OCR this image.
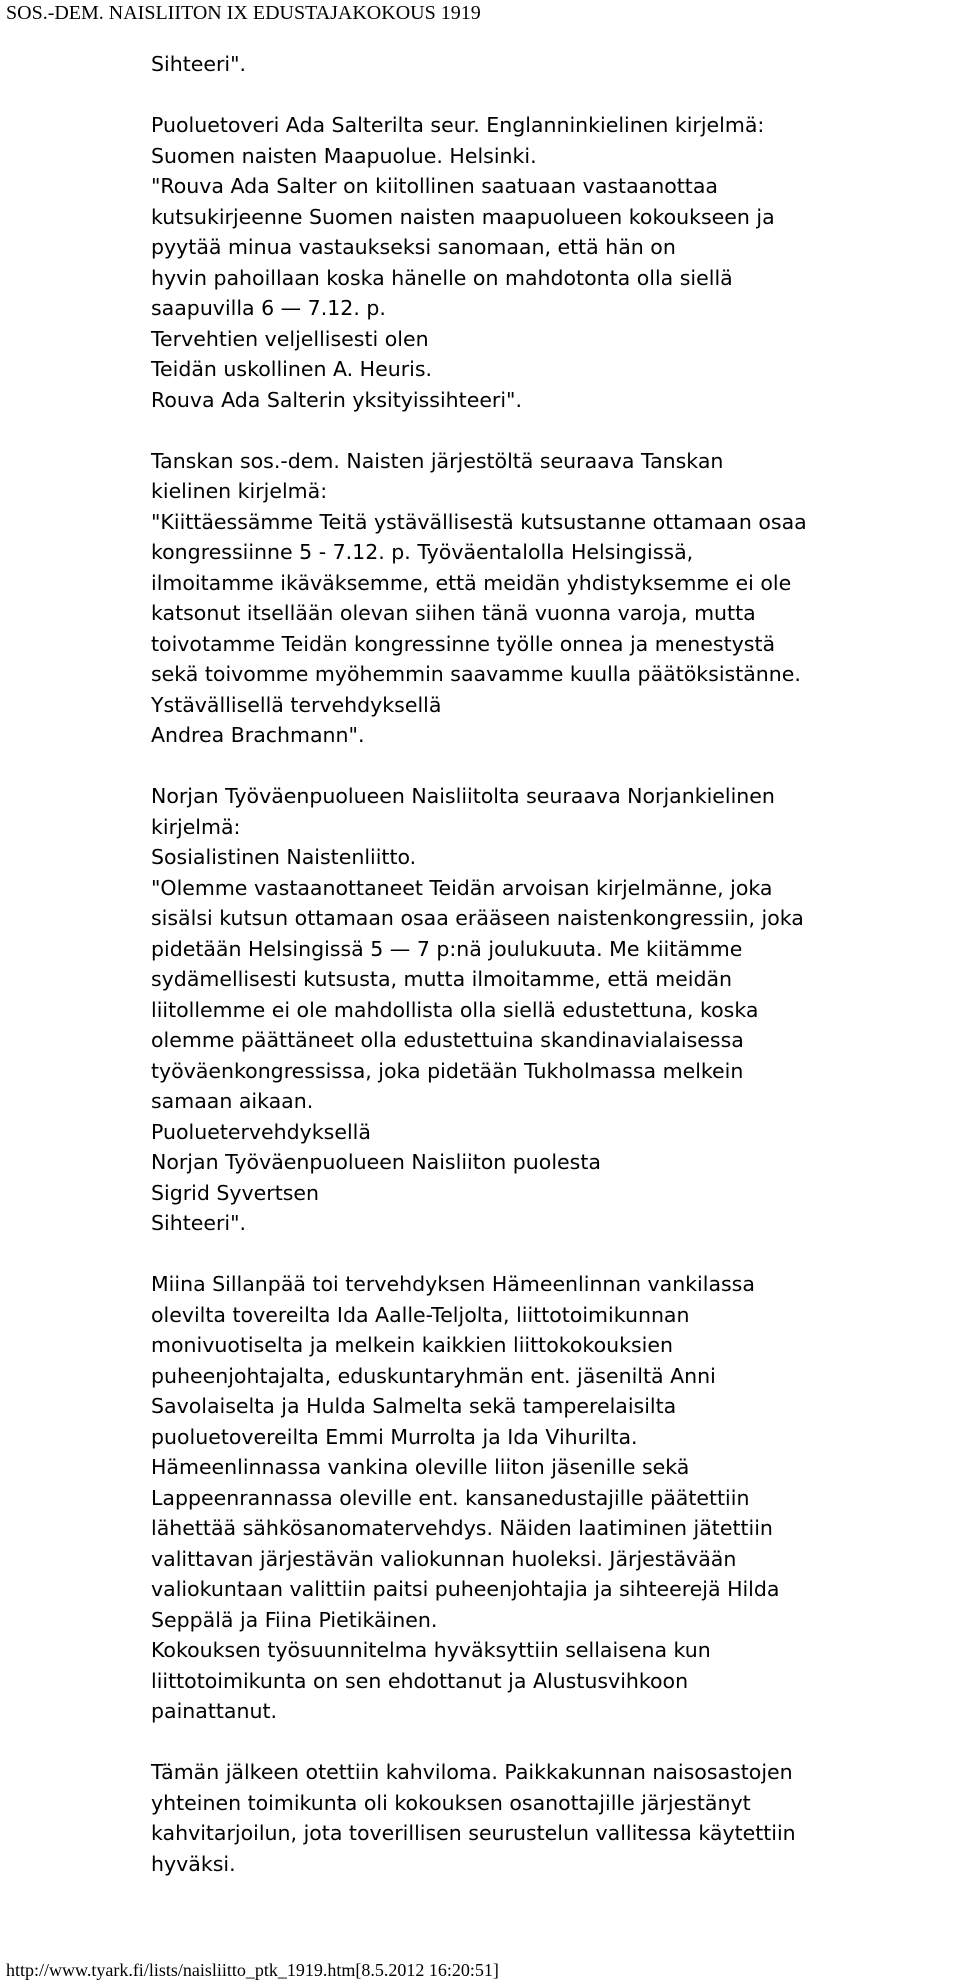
SOS.-DEM. NAISLIITON IX EDUSTAJAKOKOUS 1919
Sihteeri".
Puoluetoveri Ada Salterilta seur. Englanninkielinen kirjelmä:
Suomen naisten Maapuolue. Helsinki.
"Rouva Ada Salter on kiitollinen saatuaan vastaanottaa
kutsukirjeenne Suomen naisten maapuolueen kokoukseen ja
pyytää minua vastaukseksi sanomaan, että hän on
hyvin pahoillaan koska hänelle on mahdotonta olla siellä
saapuvilla 6 — 7.12. p.
Tervehtien veljellisesti olen
Teidän uskollinen A. Heuris.
Rouva Ada Salterin yksityissihteeri".
Tanskan sos.-dem. Naisten järjestöltä seuraava Tanskan
kielinen kirjelmä:
"Kiittäessämme Teitä ystävällisestä kutsustanne ottamaan osaa
kongressiinne 5 - 7.12. p. Työväentalolla Helsingissä,
ilmoitamme ikäväksemme, että meidän yhdistyksemme ei ole
katsonut itsellään olevan siihen tänä vuonna varoja, mutta
toivotamme Teidän kongressinne työlle onnea ja menestystä
sekä toivomme myöhemmin saavamme kuulla päätöksistänne.
Ystävällisellä tervehdyksellä
Andrea Brachmann".
Norjan Työväenpuolueen Naisliitolta seuraava Norjankielinen
kirjelmä:
Sosialistinen Naistenliitto.
"Olemme vastaanottaneet Teidän arvoisan kirjelmänne, joka
sisälsi kutsun ottamaan osaa erääseen naistenkongressiin, joka
pidetään Helsingissä 5 — 7 p:nä joulukuuta. Me kiitämme
sydämellisesti kutsusta, mutta ilmoitamme, että meidän
liitollemme ei ole mahdollista olla siellä edustettuna, koska
olemme päättäneet olla edustettuina skandinavialaisessa
työväenkongressissa, joka pidetään Tukholmassa melkein
samaan aikaan.
Puoluetervehdyksellä
Norjan Työväenpuolueen Naisliiton puolesta
Sigrid Syvertsen
Sihteeri".
Miina Sillanpää toi tervehdyksen Hämeenlinnan vankilassa
olevilta tovereilta Ida Aalle-Teljolta, liittotoimikunnan
monivuotiselta ja melkein kaikkien liittokokouksien
puheenjohtajalta, eduskuntaryhmän ent. jäseniltä Anni
Savolaiselta ja Hulda Salmelta sekä tamperelaisilta
puoluetovereilta Emmi Murrolta ja Ida Vihurilta.
Hämeenlinnassa vankina oleville liiton jäsenille sekä
Lappeenrannassa oleville ent. kansanedustajille päätettiin
lähettää sähkösanomatervehdys. Näiden laatiminen jätettiin
valittavan järjestävän valiokunnan huoleksi. Järjestävään
valiokuntaan valittiin paitsi puheenjohtajia ja sihteerejä Hilda
Seppälä ja Fiina Pietikäinen.
Kokouksen työsuunnitelma hyväksyttiin sellaisena kun
liittotoimikunta on sen ehdottanut ja Alustusvihkoon
painattanut.
Tämän jälkeen otettiin kahviloma. Paikkakunnan naisosastojen
yhteinen toimikunta oli kokouksen osanottajille järjestänyt
kahvitarjoilun, jota toverillisen seurustelun vallitessa käytettiin
hyväksi.
http://www.tyark.fi/lists/naisliitto_ptk_1919.htm[8.5.2012 16:20:51]
